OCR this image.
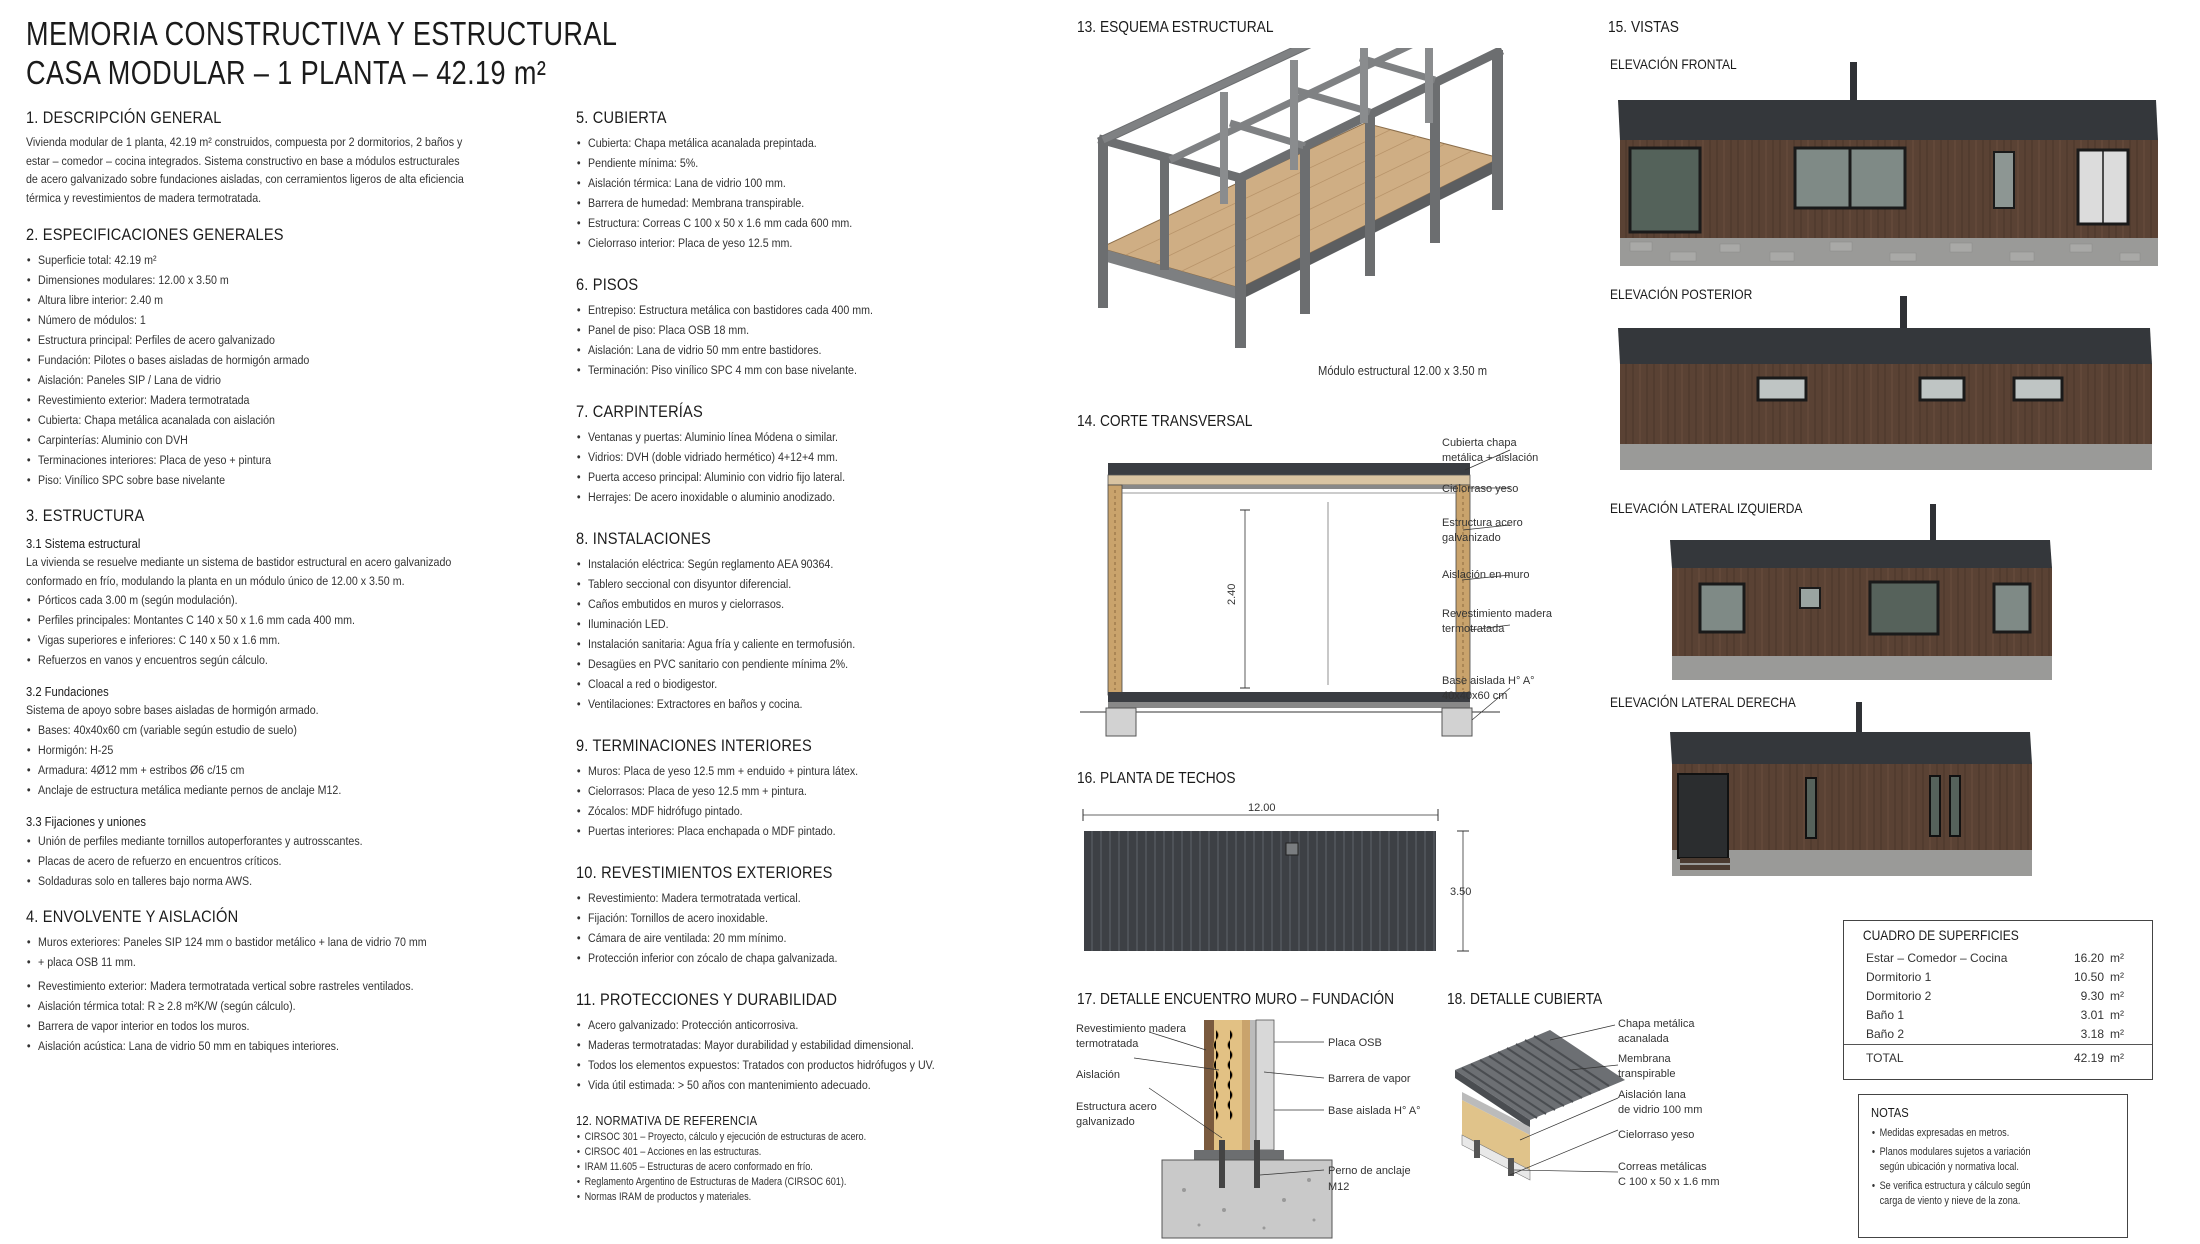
MEMORIA CONSTRUCTIVA Y ESTRUCTURAL
CASA MODULAR – 1 PLANTA – 42.19 m²
1. DESCRIPCIÓN GENERAL
Vivienda modular de 1 planta, 42.19 m² construidos, compuesta por 2 dormitorios, 2 baños y
estar – comedor – cocina integrados. Sistema constructivo en base a módulos estructurales
de acero galvanizado sobre fundaciones aisladas, con cerramientos ligeros de alta eficiencia
térmica y revestimientos de madera termotratada.
2. ESPECIFICACIONES GENERALES
• Superficie total: 42.19 m²
• Dimensiones modulares: 12.00 x 3.50 m
• Altura libre interior: 2.40 m
• Número de módulos: 1
• Estructura principal: Perfiles de acero galvanizado
• Fundación: Pilotes o bases aisladas de hormigón armado
• Aislación: Paneles SIP / Lana de vidrio
• Revestimiento exterior: Madera termotratada
• Cubierta: Chapa metálica acanalada con aislación
• Carpinterías: Aluminio con DVH
• Terminaciones interiores: Placa de yeso + pintura
• Piso: Vinílico SPC sobre base nivelante
3. ESTRUCTURA
3.1 Sistema estructural
La vivienda se resuelve mediante un sistema de bastidor estructural en acero galvanizado
conformado en frío, modulando la planta en un módulo único de 12.00 x 3.50 m.
• Pórticos cada 3.00 m (según modulación).
• Perfiles principales: Montantes C 140 x 50 x 1.6 mm cada 400 mm.
• Vigas superiores e inferiores: C 140 x 50 x 1.6 mm.
• Refuerzos en vanos y encuentros según cálculo.
3.2 Fundaciones
Sistema de apoyo sobre bases aisladas de hormigón armado.
• Bases: 40x40x60 cm (variable según estudio de suelo)
• Hormigón: H-25
• Armadura: 4Ø12 mm + estribos Ø6 c/15 cm
• Anclaje de estructura metálica mediante pernos de anclaje M12.
3.3 Fijaciones y uniones
• Unión de perfiles mediante tornillos autoperforantes y autrosscantes.
• Placas de acero de refuerzo en encuentros críticos.
• Soldaduras solo en talleres bajo norma AWS.
4. ENVOLVENTE Y AISLACIÓN
• Muros exteriores: Paneles SIP 124 mm o bastidor metálico + lana de vidrio 70 mm
• + placa OSB 11 mm.
• Revestimiento exterior: Madera termotratada vertical sobre rastreles ventilados.
• Aislación térmica total: R ≥ 2.8 m²K/W (según cálculo).
• Barrera de vapor interior en todos los muros.
• Aislación acústica: Lana de vidrio 50 mm en tabiques interiores.
5. CUBIERTA
• Cubierta: Chapa metálica acanalada prepintada.
• Pendiente mínima: 5%.
• Aislación térmica: Lana de vidrio 100 mm.
• Barrera de humedad: Membrana transpirable.
• Estructura: Correas C 100 x 50 x 1.6 mm cada 600 mm.
• Cielorraso interior: Placa de yeso 12.5 mm.
6. PISOS
• Entrepiso: Estructura metálica con bastidores cada 400 mm.
• Panel de piso: Placa OSB 18 mm.
• Aislación: Lana de vidrio 50 mm entre bastidores.
• Terminación: Piso vinílico SPC 4 mm con base nivelante.
7. CARPINTERÍAS
• Ventanas y puertas: Aluminio línea Módena o similar.
• Vidrios: DVH (doble vidriado hermético) 4+12+4 mm.
• Puerta acceso principal: Aluminio con vidrio fijo lateral.
• Herrajes: De acero inoxidable o aluminio anodizado.
8. INSTALACIONES
• Instalación eléctrica: Según reglamento AEA 90364.
• Tablero seccional con disyuntor diferencial.
• Caños embutidos en muros y cielorrasos.
• Iluminación LED.
• Instalación sanitaria: Agua fría y caliente en termofusión.
• Desagües en PVC sanitario con pendiente mínima 2%.
• Cloacal a red o biodigestor.
• Ventilaciones: Extractores en baños y cocina.
9. TERMINACIONES INTERIORES
• Muros: Placa de yeso 12.5 mm + enduido + pintura látex.
• Cielorrasos: Placa de yeso 12.5 mm + pintura.
• Zócalos: MDF hidrófugo pintado.
• Puertas interiores: Placa enchapada o MDF pintado.
10. REVESTIMIENTOS EXTERIORES
• Revestimiento: Madera termotratada vertical.
• Fijación: Tornillos de acero inoxidable.
• Cámara de aire ventilada: 20 mm mínimo.
• Protección inferior con zócalo de chapa galvanizada.
11. PROTECCIONES Y DURABILIDAD
• Acero galvanizado: Protección anticorrosiva.
• Maderas termotratadas: Mayor durabilidad y estabilidad dimensional.
• Todos los elementos expuestos: Tratados con productos hidrófugos y UV.
• Vida útil estimada: > 50 años con mantenimiento adecuado.
12. NORMATIVA DE REFERENCIA
• CIRSOC 301 – Proyecto, cálculo y ejecución de estructuras de acero.
• CIRSOC 401 – Acciones en las estructuras.
• IRAM 11.605 – Estructuras de acero conformado en frío.
• Reglamento Argentino de Estructuras de Madera (CIRSOC 601).
• Normas IRAM de productos y materiales.
13. ESQUEMA ESTRUCTURAL
Módulo estructural 12.00 x 3.50 m
14. CORTE TRANSVERSAL
2.40
Cubierta chapa
metálica + aislación
Cielorraso yeso
Estructura acero
galvanizado
Aislación en muro
Revestimiento madera
termotratada
Base aislada H° A°
40x40x60 cm
16. PLANTA DE TECHOS
12.00
3.50
17. DETALLE ENCUENTRO MURO – FUNDACIÓN
Revestimiento madera
termotratada
Aislación
Estructura acero
galvanizado
Placa OSB
Barrera de vapor
Base aislada H° A°
Perno de anclaje
M12
18. DETALLE CUBIERTA
Chapa metálica
acanalada
Membrana
transpirable
Aislación lana
de vidrio 100 mm
Cielorraso yeso
Correas metálicas
C 100 x 50 x 1.6 mm
15. VISTAS
ELEVACIÓN FRONTAL
ELEVACIÓN POSTERIOR
ELEVACIÓN LATERAL IZQUIERDA
ELEVACIÓN LATERAL DERECHA
CUADRO DE SUPERFICIES
Estar – Comedor – Cocina	16.20	m²
Dormitorio 1	10.50	m²
Dormitorio 2	9.30	m²
Baño 1	3.01	m²
Baño 2	3.18	m²
TOTAL	42.19	m²
NOTAS
• Medidas expresadas en metros.
• Planos modulares sujetos a variación
según ubicación y normativa local.
• Se verifica estructura y cálculo según
carga de viento y nieve de la zona.
